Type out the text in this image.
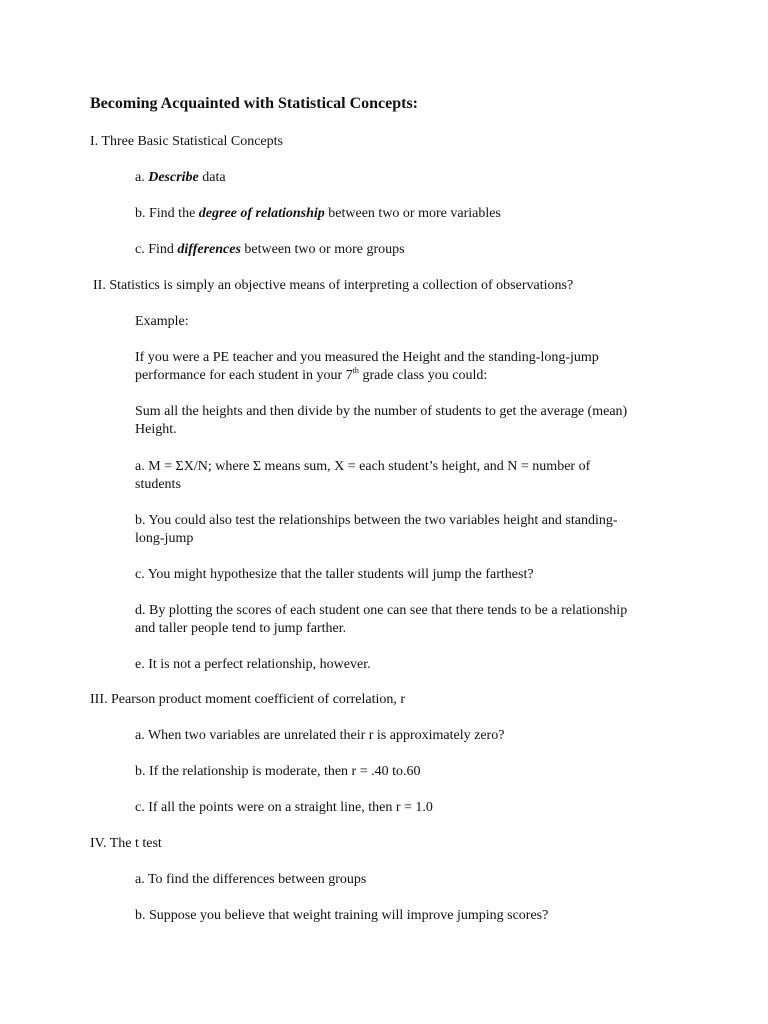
Becoming Acquainted with Statistical Concepts:
I. Three Basic Statistical Concepts
a. Describe data
b. Find the degree of relationship between two or more variables
c. Find differences between two or more groups
II. Statistics is simply an objective means of interpreting a collection of observations?
Example:
If you were a PE teacher and you measured the Height and the standing-long-jump
performance for each student in your 7th grade class you could:
Sum all the heights and then divide by the number of students to get the average (mean)
Height.
a. M = ΣX/N; where Σ means sum, X = each student’s height, and N = number of
students
b. You could also test the relationships between the two variables height and standing-
long-jump
c. You might hypothesize that the taller students will jump the farthest?
d. By plotting the scores of each student one can see that there tends to be a relationship
and taller people tend to jump farther.
e. It is not a perfect relationship, however.
III. Pearson product moment coefficient of correlation, r
a. When two variables are unrelated their r is approximately zero?
b. If the relationship is moderate, then r = .40 to.60
c. If all the points were on a straight line, then r = 1.0
IV. The t test
a. To find the differences between groups
b. Suppose you believe that weight training will improve jumping scores?
